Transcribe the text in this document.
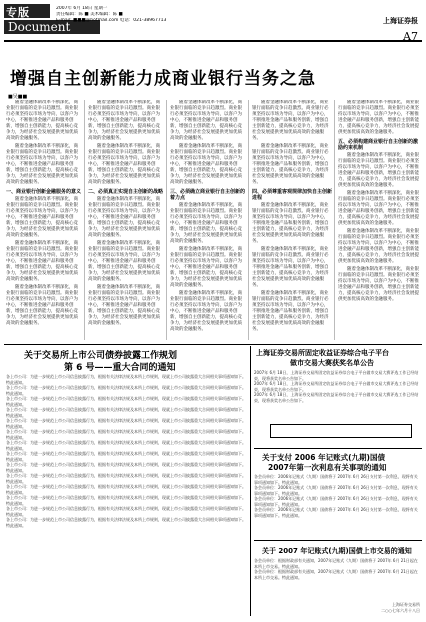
专版
Document
2007年 6月 18日 星期一
责任编辑：陈 ■ 美术编辑：陈 ■
E-mail: ■■■@hotmail.com 电话：021-38967713	上海证券报
A7
增强自主创新能力成商业银行当务之急
■吴■■

随着金融体制改革不断深化，商业银行面临的竞争日趋激烈。商业银行必须坚持以市场为导向，以客户为中心，不断推进金融产品和服务创新，增强自主创新能力，提高核心竞争力，为经济社会发展提供更加优质高效的金融服务。

随着金融体制改革不断深化，商业银行面临的竞争日趋激烈。商业银行必须坚持以市场为导向，以客户为中心，不断推进金融产品和服务创新，增强自主创新能力，提高核心竞争力，为经济社会发展提供更加优质高效的金融服务。

一、商业银行创新金融服务的意义

随着金融体制改革不断深化，商业银行面临的竞争日趋激烈。商业银行必须坚持以市场为导向，以客户为中心，不断推进金融产品和服务创新，增强自主创新能力，提高核心竞争力，为经济社会发展提供更加优质高效的金融服务。

随着金融体制改革不断深化，商业银行面临的竞争日趋激烈。商业银行必须坚持以市场为导向，以客户为中心，不断推进金融产品和服务创新，增强自主创新能力，提高核心竞争力，为经济社会发展提供更加优质高效的金融服务。

随着金融体制改革不断深化，商业银行面临的竞争日趋激烈。商业银行必须坚持以市场为导向，以客户为中心，不断推进金融产品和服务创新，增强自主创新能力，提高核心竞争力，为经济社会发展提供更加优质高效的金融服务。

随着金融体制改革不断深化，商业银行面临的竞争日趋激烈。商业银行必须坚持以市场为导向，以客户为中心，不断推进金融产品和服务创新，增强自主创新能力，提高核心竞争力，为经济社会发展提供更加优质高效的金融服务。

随着金融体制改革不断深化，商业银行面临的竞争日趋激烈。商业银行必须坚持以市场为导向，以客户为中心，不断推进金融产品和服务创新，增强自主创新能力，提高核心竞争力，为经济社会发展提供更加优质高效的金融服务。

二、必须真正实现自主创新的战略

随着金融体制改革不断深化，商业银行面临的竞争日趋激烈。商业银行必须坚持以市场为导向，以客户为中心，不断推进金融产品和服务创新，增强自主创新能力，提高核心竞争力，为经济社会发展提供更加优质高效的金融服务。

随着金融体制改革不断深化，商业银行面临的竞争日趋激烈。商业银行必须坚持以市场为导向，以客户为中心，不断推进金融产品和服务创新，增强自主创新能力，提高核心竞争力，为经济社会发展提供更加优质高效的金融服务。

随着金融体制改革不断深化，商业银行面临的竞争日趋激烈。商业银行必须坚持以市场为导向，以客户为中心，不断推进金融产品和服务创新，增强自主创新能力，提高核心竞争力，为经济社会发展提供更加优质高效的金融服务。

随着金融体制改革不断深化，商业银行面临的竞争日趋激烈。商业银行必须坚持以市场为导向，以客户为中心，不断推进金融产品和服务创新，增强自主创新能力，提高核心竞争力，为经济社会发展提供更加优质高效的金融服务。

随着金融体制改革不断深化，商业银行面临的竞争日趋激烈。商业银行必须坚持以市场为导向，以客户为中心，不断推进金融产品和服务创新，增强自主创新能力，提高核心竞争力，为经济社会发展提供更加优质高效的金融服务。

三、必须确立商业银行自主创新的着力点

随着金融体制改革不断深化，商业银行面临的竞争日趋激烈。商业银行必须坚持以市场为导向，以客户为中心，不断推进金融产品和服务创新，增强自主创新能力，提高核心竞争力，为经济社会发展提供更加优质高效的金融服务。

随着金融体制改革不断深化，商业银行面临的竞争日趋激烈。商业银行必须坚持以市场为导向，以客户为中心，不断推进金融产品和服务创新，增强自主创新能力，提高核心竞争力，为经济社会发展提供更加优质高效的金融服务。

随着金融体制改革不断深化，商业银行面临的竞争日趋激烈。商业银行必须坚持以市场为导向，以客户为中心，不断推进金融产品和服务创新，增强自主创新能力，提高核心竞争力，为经济社会发展提供更加优质高效的金融服务。

随着金融体制改革不断深化，商业银行面临的竞争日趋激烈。商业银行必须坚持以市场为导向，以客户为中心，不断推进金融产品和服务创新，增强自主创新能力，提高核心竞争力，为经济社会发展提供更加优质高效的金融服务。

随着金融体制改革不断深化，商业银行面临的竞争日趋激烈。商业银行必须坚持以市场为导向，以客户为中心，不断推进金融产品和服务创新，增强自主创新能力，提高核心竞争力，为经济社会发展提供更加优质高效的金融服务。

四、必须尊重客观规律加快自主创新进程

随着金融体制改革不断深化，商业银行面临的竞争日趋激烈。商业银行必须坚持以市场为导向，以客户为中心，不断推进金融产品和服务创新，增强自主创新能力，提高核心竞争力，为经济社会发展提供更加优质高效的金融服务。

随着金融体制改革不断深化，商业银行面临的竞争日趋激烈。商业银行必须坚持以市场为导向，以客户为中心，不断推进金融产品和服务创新，增强自主创新能力，提高核心竞争力，为经济社会发展提供更加优质高效的金融服务。

随着金融体制改革不断深化，商业银行面临的竞争日趋激烈。商业银行必须坚持以市场为导向，以客户为中心，不断推进金融产品和服务创新，增强自主创新能力，提高核心竞争力，为经济社会发展提供更加优质高效的金融服务。

随着金融体制改革不断深化，商业银行面临的竞争日趋激烈。商业银行必须坚持以市场为导向，以客户为中心，不断推进金融产品和服务创新，增强自主创新能力，提高核心竞争力，为经济社会发展提供更加优质高效的金融服务。

五、必须构建商业银行自主创新的激励约束机制

随着金融体制改革不断深化，商业银行面临的竞争日趋激烈。商业银行必须坚持以市场为导向，以客户为中心，不断推进金融产品和服务创新，增强自主创新能力，提高核心竞争力，为经济社会发展提供更加优质高效的金融服务。

随着金融体制改革不断深化，商业银行面临的竞争日趋激烈。商业银行必须坚持以市场为导向，以客户为中心，不断推进金融产品和服务创新，增强自主创新能力，提高核心竞争力，为经济社会发展提供更加优质高效的金融服务。

随着金融体制改革不断深化，商业银行面临的竞争日趋激烈。商业银行必须坚持以市场为导向，以客户为中心，不断推进金融产品和服务创新，增强自主创新能力，提高核心竞争力，为经济社会发展提供更加优质高效的金融服务。

随着金融体制改革不断深化，商业银行面临的竞争日趋激烈。商业银行必须坚持以市场为导向，以客户为中心，不断推进金融产品和服务创新，增强自主创新能力，提高核心竞争力，为经济社会发展提供更加优质高效的金融服务。

关于交易所上市公司债券披露工作规划
第 6 号——重大合同的通知
各上市公司：为进一步规范上市公司信息披露行为，根据有关法律法规及本所上市规则，现就上市公司披露重大合同相关事项通知如下。特此通知。
各上市公司：为进一步规范上市公司信息披露行为，根据有关法律法规及本所上市规则，现就上市公司披露重大合同相关事项通知如下。特此通知。
各上市公司：为进一步规范上市公司信息披露行为，根据有关法律法规及本所上市规则，现就上市公司披露重大合同相关事项通知如下。特此通知。
各上市公司：为进一步规范上市公司信息披露行为，根据有关法律法规及本所上市规则，现就上市公司披露重大合同相关事项通知如下。特此通知。
各上市公司：为进一步规范上市公司信息披露行为，根据有关法律法规及本所上市规则，现就上市公司披露重大合同相关事项通知如下。特此通知。
各上市公司：为进一步规范上市公司信息披露行为，根据有关法律法规及本所上市规则，现就上市公司披露重大合同相关事项通知如下。特此通知。
各上市公司：为进一步规范上市公司信息披露行为，根据有关法律法规及本所上市规则，现就上市公司披露重大合同相关事项通知如下。特此通知。
各上市公司：为进一步规范上市公司信息披露行为，根据有关法律法规及本所上市规则，现就上市公司披露重大合同相关事项通知如下。特此通知。
各上市公司：为进一步规范上市公司信息披露行为，根据有关法律法规及本所上市规则，现就上市公司披露重大合同相关事项通知如下。特此通知。
各上市公司：为进一步规范上市公司信息披露行为，根据有关法律法规及本所上市规则，现就上市公司披露重大合同相关事项通知如下。特此通知。
各上市公司：为进一步规范上市公司信息披露行为，根据有关法律法规及本所上市规则，现就上市公司披露重大合同相关事项通知如下。特此通知。
各上市公司：为进一步规范上市公司信息披露行为，根据有关法律法规及本所上市规则，现就上市公司披露重大合同相关事项通知如下。特此通知。
各上市公司：为进一步规范上市公司信息披露行为，根据有关法律法规及本所上市规则，现就上市公司披露重大合同相关事项通知如下。特此通知。
各上市公司：为进一步规范上市公司信息披露行为，根据有关法律法规及本所上市规则，现就上市公司披露重大合同相关事项通知如下。特此通知。
上海证券交易所固定收益证券综合电子平台
做市交易大赛获奖名单公告
2007年 6月 18日，上海证券交易所固定收益证券综合电子平台做市交易大赛评选工作已经结束，现将获奖名单公告如下。
2007年 6月 18日，上海证券交易所固定收益证券综合电子平台做市交易大赛评选工作已经结束，现将获奖名单公告如下。
2007年 6月 18日，上海证券交易所固定收益证券综合电子平台做市交易大赛评选工作已经结束，现将获奖名单公告如下。
关于支付 2006 年记账式(九期)国债
2007年第一次利息有关事项的通知
各会员单位：2006年记账式（九期）国债将于 2007年 6月 26日支付第一次利息，现将有关事项通知如下。特此通知。
各会员单位：2006年记账式（九期）国债将于 2007年 6月 26日支付第一次利息，现将有关事项通知如下。特此通知。
各会员单位：2006年记账式（九期）国债将于 2007年 6月 26日支付第一次利息，现将有关事项通知如下。特此通知。
各会员单位：2006年记账式（九期）国债将于 2007年 6月 26日支付第一次利息，现将有关事项通知如下。特此通知。
关于 2007 年记账式(九期)国债上市交易的通知
各会员单位：根据财政部有关通知，2007年记账式（九期）国债将于 2007年 6月 21日起在本所上市交易。特此通知。
各会员单位：根据财政部有关通知，2007年记账式（九期）国债将于 2007年 6月 21日起在本所上市交易。特此通知。
上海证券交易所
二○○七年六月十八日
